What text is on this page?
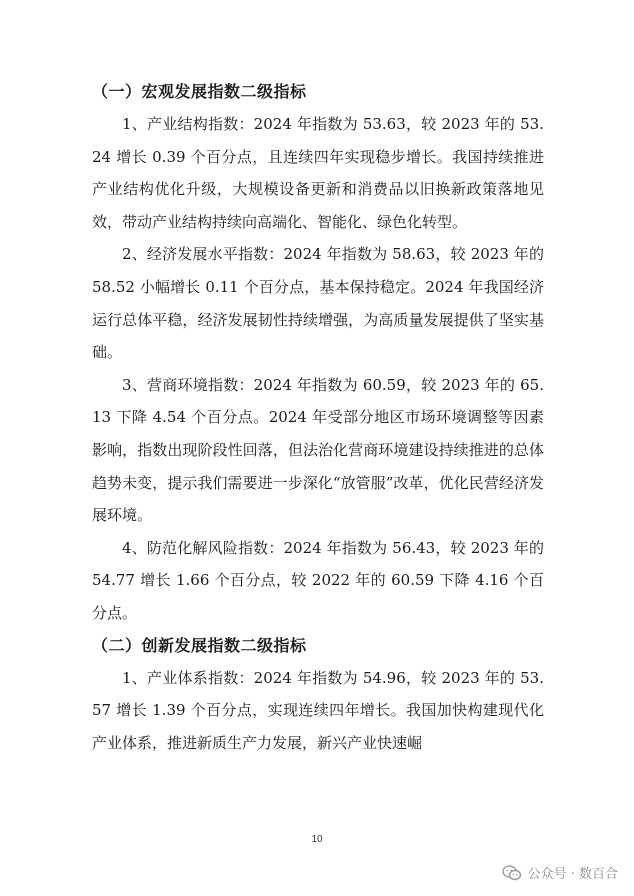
（一）宏观发展指数二级指标

1、产业结构指数：2024 年指数为 53.63，较 2023 年的 53.24 增长 0.39 个百分点，且连续四年实现稳步增长。我国持续推进产业结构优化升级，大规模设备更新和消费品以旧换新政策落地见效，带动产业结构持续向高端化、智能化、绿色化转型。

2、经济发展水平指数：2024 年指数为 58.63，较 2023 年的 58.52 小幅增长 0.11 个百分点，基本保持稳定。2024 年我国经济运行总体平稳，经济发展韧性持续增强，为高质量发展提供了坚实基础。

3、营商环境指数：2024 年指数为 60.59，较 2023 年的 65.13 下降 4.54 个百分点。2024 年受部分地区市场环境调整等因素影响，指数出现阶段性回落，但法治化营商环境建设持续推进的总体趋势未变，提示我们需要进一步深化“放管服”改革，优化民营经济发展环境。

4、防范化解风险指数：2024 年指数为 56.43，较 2023 年的 54.77 增长 1.66 个百分点，较 2022 年的 60.59 下降 4.16 个百分点。

（二）创新发展指数二级指标

1、产业体系指数：2024 年指数为 54.96，较 2023 年的 53.57 增长 1.39 个百分点，实现连续四年增长。我国加快构建现代化产业体系，推进新质生产力发展，新兴产业快速崛

10
公众号 · 数百合
